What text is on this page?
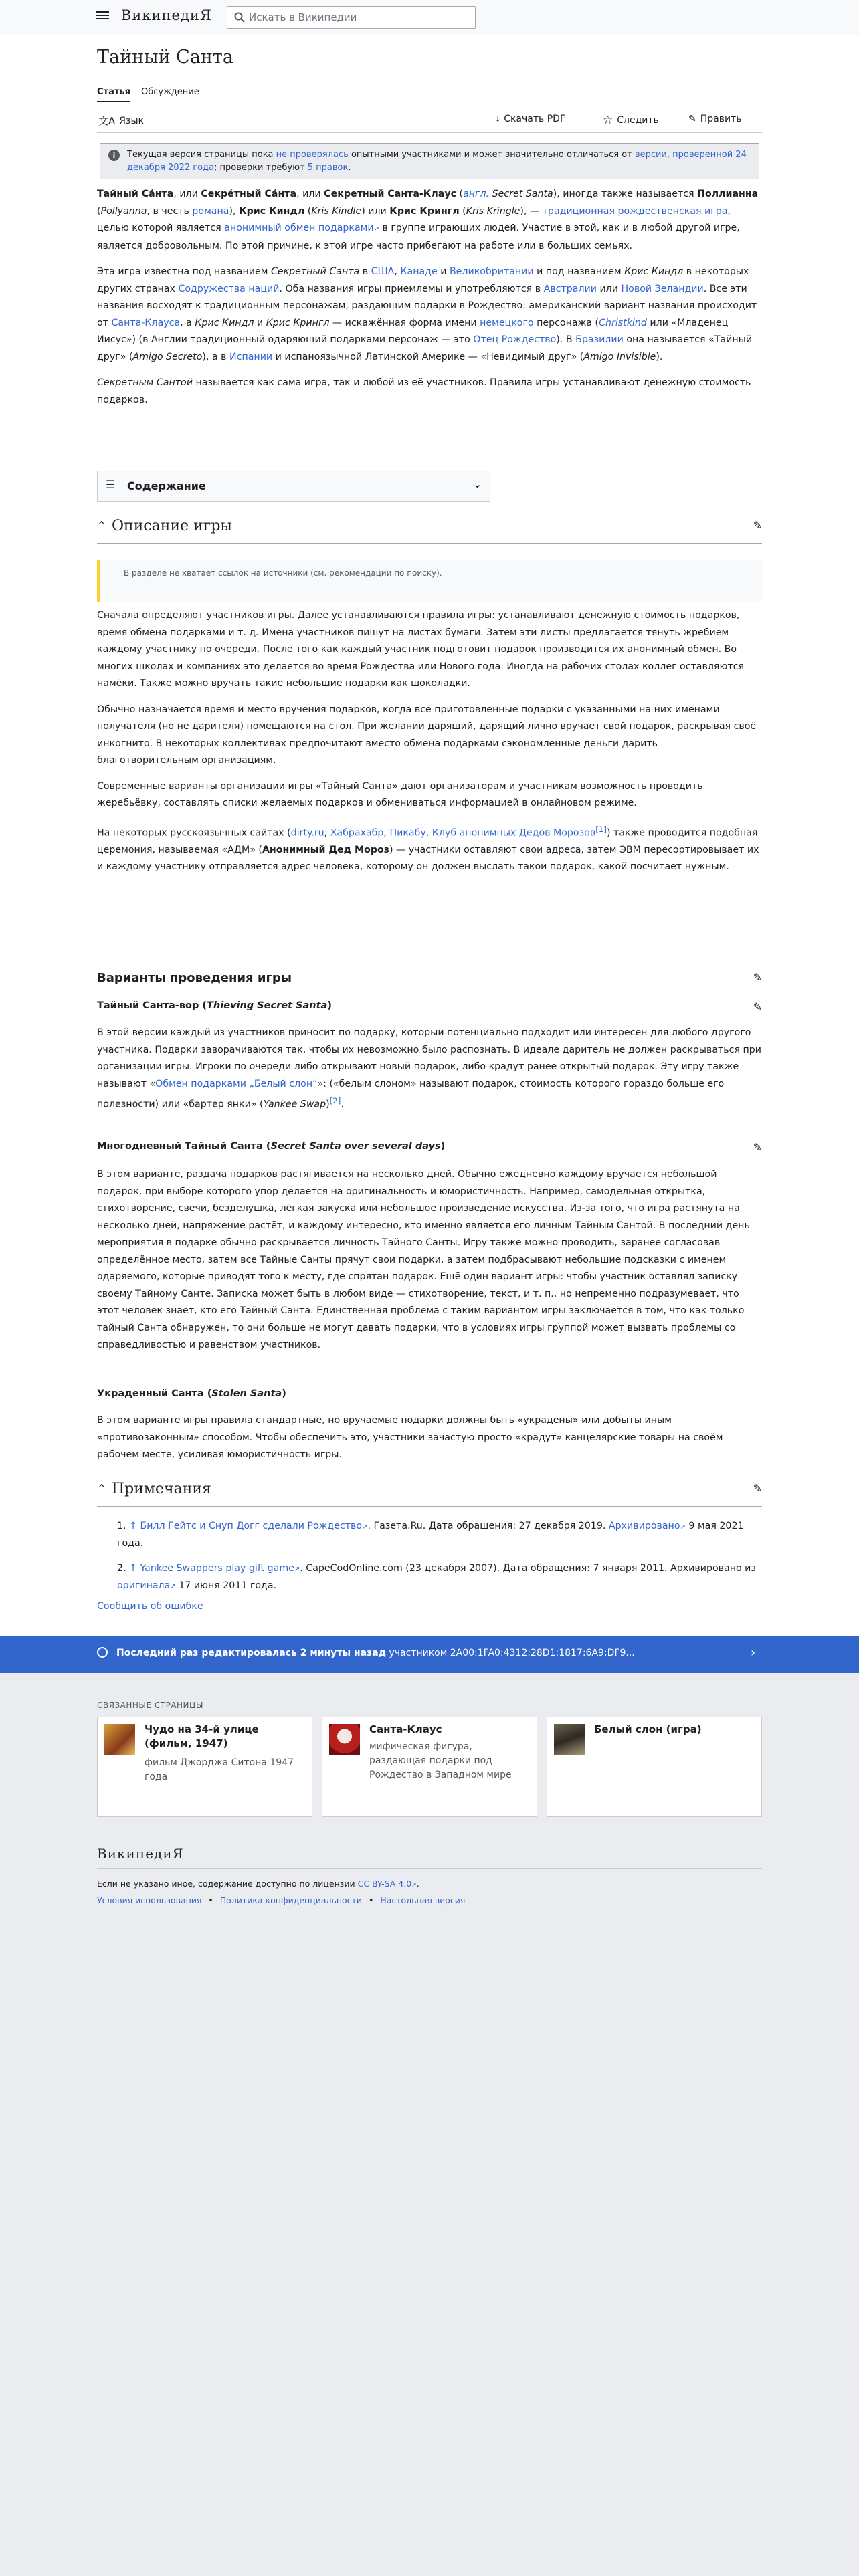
ВикипедиЯ	Искать в Википедии
Тайный Санта
Статья Обсуждение
文A Язык	⤓ Скачать PDF	☆ Следить	✎ Править
i	Текущая версия страницы пока не проверялась опытными участниками и может значительно отличаться от версии, проверенной 24 декабря 2022 года; проверки требуют 5 правок.

Тайный Са́нта, или Секре́тный Са́нта, или Секретный Санта-Клаус (англ. Secret Santa), иногда также называется Поллианна (Pollyanna, в честь романа), Крис Киндл (Kris Kindle) или Крис Крингл (Kris Kringle), — традиционная рождественская игра, целью которой является анонимный обмен подарками↗ в группе играющих людей. Участие в этой, как и в любой другой игре, является добровольным. По этой причине, к этой игре часто прибегают на работе или в больших семьях.

Эта игра известна под названием Секретный Санта в США, Канаде и Великобритании и под названием Крис Киндл в некоторых других странах Содружества наций. Оба названия игры приемлемы и употребляются в Австралии или Новой Зеландии. Все эти названия восходят к традиционным персонажам, раздающим подарки в Рождество: американский вариант названия происходит от Санта-Клауса, а Крис Киндл и Крис Крингл — искажённая форма имени немецкого персонажа (Christkind или «Младенец Иисус») (в Англии традиционный одаряющий подарками персонаж — это Отец Рождество). В Бразилии она называется «Тайный друг» (Amigo Secreto), а в Испании и испаноязычной Латинской Америке — «Невидимый друг» (Amigo Invisible).

Секретным Сантой называется как сама игра, так и любой из её участников. Правила игры устанавливают денежную стоимость подарков.

☰ Содержание	⌄
⌃ Описание игры	✎
В разделе не хватает ссылок на источники (см. рекомендации по поиску).

Сначала определяют участников игры. Далее устанавливаются правила игры: устанавливают денежную стоимость подарков, время обмена подарками и т. д. Имена участников пишут на листах бумаги. Затем эти листы предлагается тянуть жребием каждому участнику по очереди. После того как каждый участник подготовит подарок производится их анонимный обмен. Во многих школах и компаниях это делается во время Рождества или Нового года. Иногда на рабочих столах коллег оставляются намёки. Также можно вручать такие небольшие подарки как шоколадки.

Обычно назначается время и место вручения подарков, когда все приготовленные подарки с указанными на них именами получателя (но не дарителя) помещаются на стол. При желании дарящий, дарящий лично вручает свой подарок, раскрывая своё инкогнито. В некоторых коллективах предпочитают вместо обмена подарками сэкономленные деньги дарить благотворительным организациям.

Современные варианты организации игры «Тайный Санта» дают организаторам и участникам возможность проводить жеребьёвку, составлять списки желаемых подарков и обмениваться информацией в онлайновом режиме.

На некоторых русскоязычных сайтах (dirty.ru, Хабрахабр, Пикабу, Клуб анонимных Дедов Морозов[1]) также проводится подобная церемония, называемая «АДМ» (Анонимный Дед Мороз) — участники оставляют свои адреса, затем ЭВМ пересортировывает их и каждому участнику отправляется адрес человека, которому он должен выслать такой подарок, какой посчитает нужным.

Варианты проведения игры	✎
Тайный Санта-вор (Thieving Secret Santa)	✎

В этой версии каждый из участников приносит по подарку, который потенциально подходит или интересен для любого другого участника. Подарки заворачиваются так, чтобы их невозможно было распознать. В идеале даритель не должен раскрываться при организации игры. Игроки по очереди либо открывают новый подарок, либо крадут ранее открытый подарок. Эту игру также называют «Обмен подарками „Белый слон“»: («белым слоном» называют подарок, стоимость которого гораздо больше его полезности) или «бартер янки» (Yankee Swap)[2].

Многодневный Тайный Санта (Secret Santa over several days)	✎

В этом варианте, раздача подарков растягивается на несколько дней. Обычно ежедневно каждому вручается небольшой подарок, при выборе которого упор делается на оригинальность и юмористичность. Например, самодельная открытка, стихотворение, свечи, безделушка, лёгкая закуска или небольшое произведение искусства. Из-за того, что игра растянута на несколько дней, напряжение растёт, и каждому интересно, кто именно является его личным Тайным Сантой. В последний день мероприятия в подарке обычно раскрывается личность Тайного Санты. Игру также можно проводить, заранее согласовав определённое место, затем все Тайные Санты прячут свои подарки, а затем подбрасывают небольшие подсказки с именем одаряемого, которые приводят того к месту, где спрятан подарок. Ещё один вариант игры: чтобы участник оставлял записку своему Тайному Санте. Записка может быть в любом виде — стихотворение, текст, и т. п., но непременно подразумевает, что этот человек знает, кто его Тайный Санта. Единственная проблема с таким вариантом игры заключается в том, что как только тайный Санта обнаружен, то они больше не могут давать подарки, что в условиях игры группой может вызвать проблемы со справедливостью и равенством участников.

Украденный Санта (Stolen Santa)

В этом варианте игры правила стандартные, но вручаемые подарки должны быть «украдены» или добыты иным «противозаконным» способом. Чтобы обеспечить это, участники зачастую просто «крадут» канцелярские товары на своём рабочем месте, усиливая юмористичность игры.

⌃ Примечания	✎
1. ↑ Билл Гейтс и Снуп Догг сделали Рождество↗. Газета.Ru. Дата обращения: 27 декабря 2019. Архивировано↗ 9 мая 2021 года.
2. ↑ Yankee Swappers play gift game↗. CapeCodOnline.com (23 декабря 2007). Дата обращения: 7 января 2011. Архивировано из оригинала↗ 17 июня 2011 года.
Сообщить об ошибке
Последний раз редактировалась 2 минуты назад участником 2A00:1FA0:4312:28D1:1817:6A9:DF9...	›
СВЯЗАННЫЕ СТРАНИЦЫ
Чудо на 34-й улице (фильм, 1947)
фильм Джорджа Ситона 1947 года
Санта-Клаус
мифическая фигура, раздающая подарки под Рождество в Западном мире
Белый слон (игра)
ВикипедиЯ
Если не указано иное, содержание доступно по лицензии CC BY-SA 4.0↗.
Условия использования • Политика конфиденциальности • Настольная версия
